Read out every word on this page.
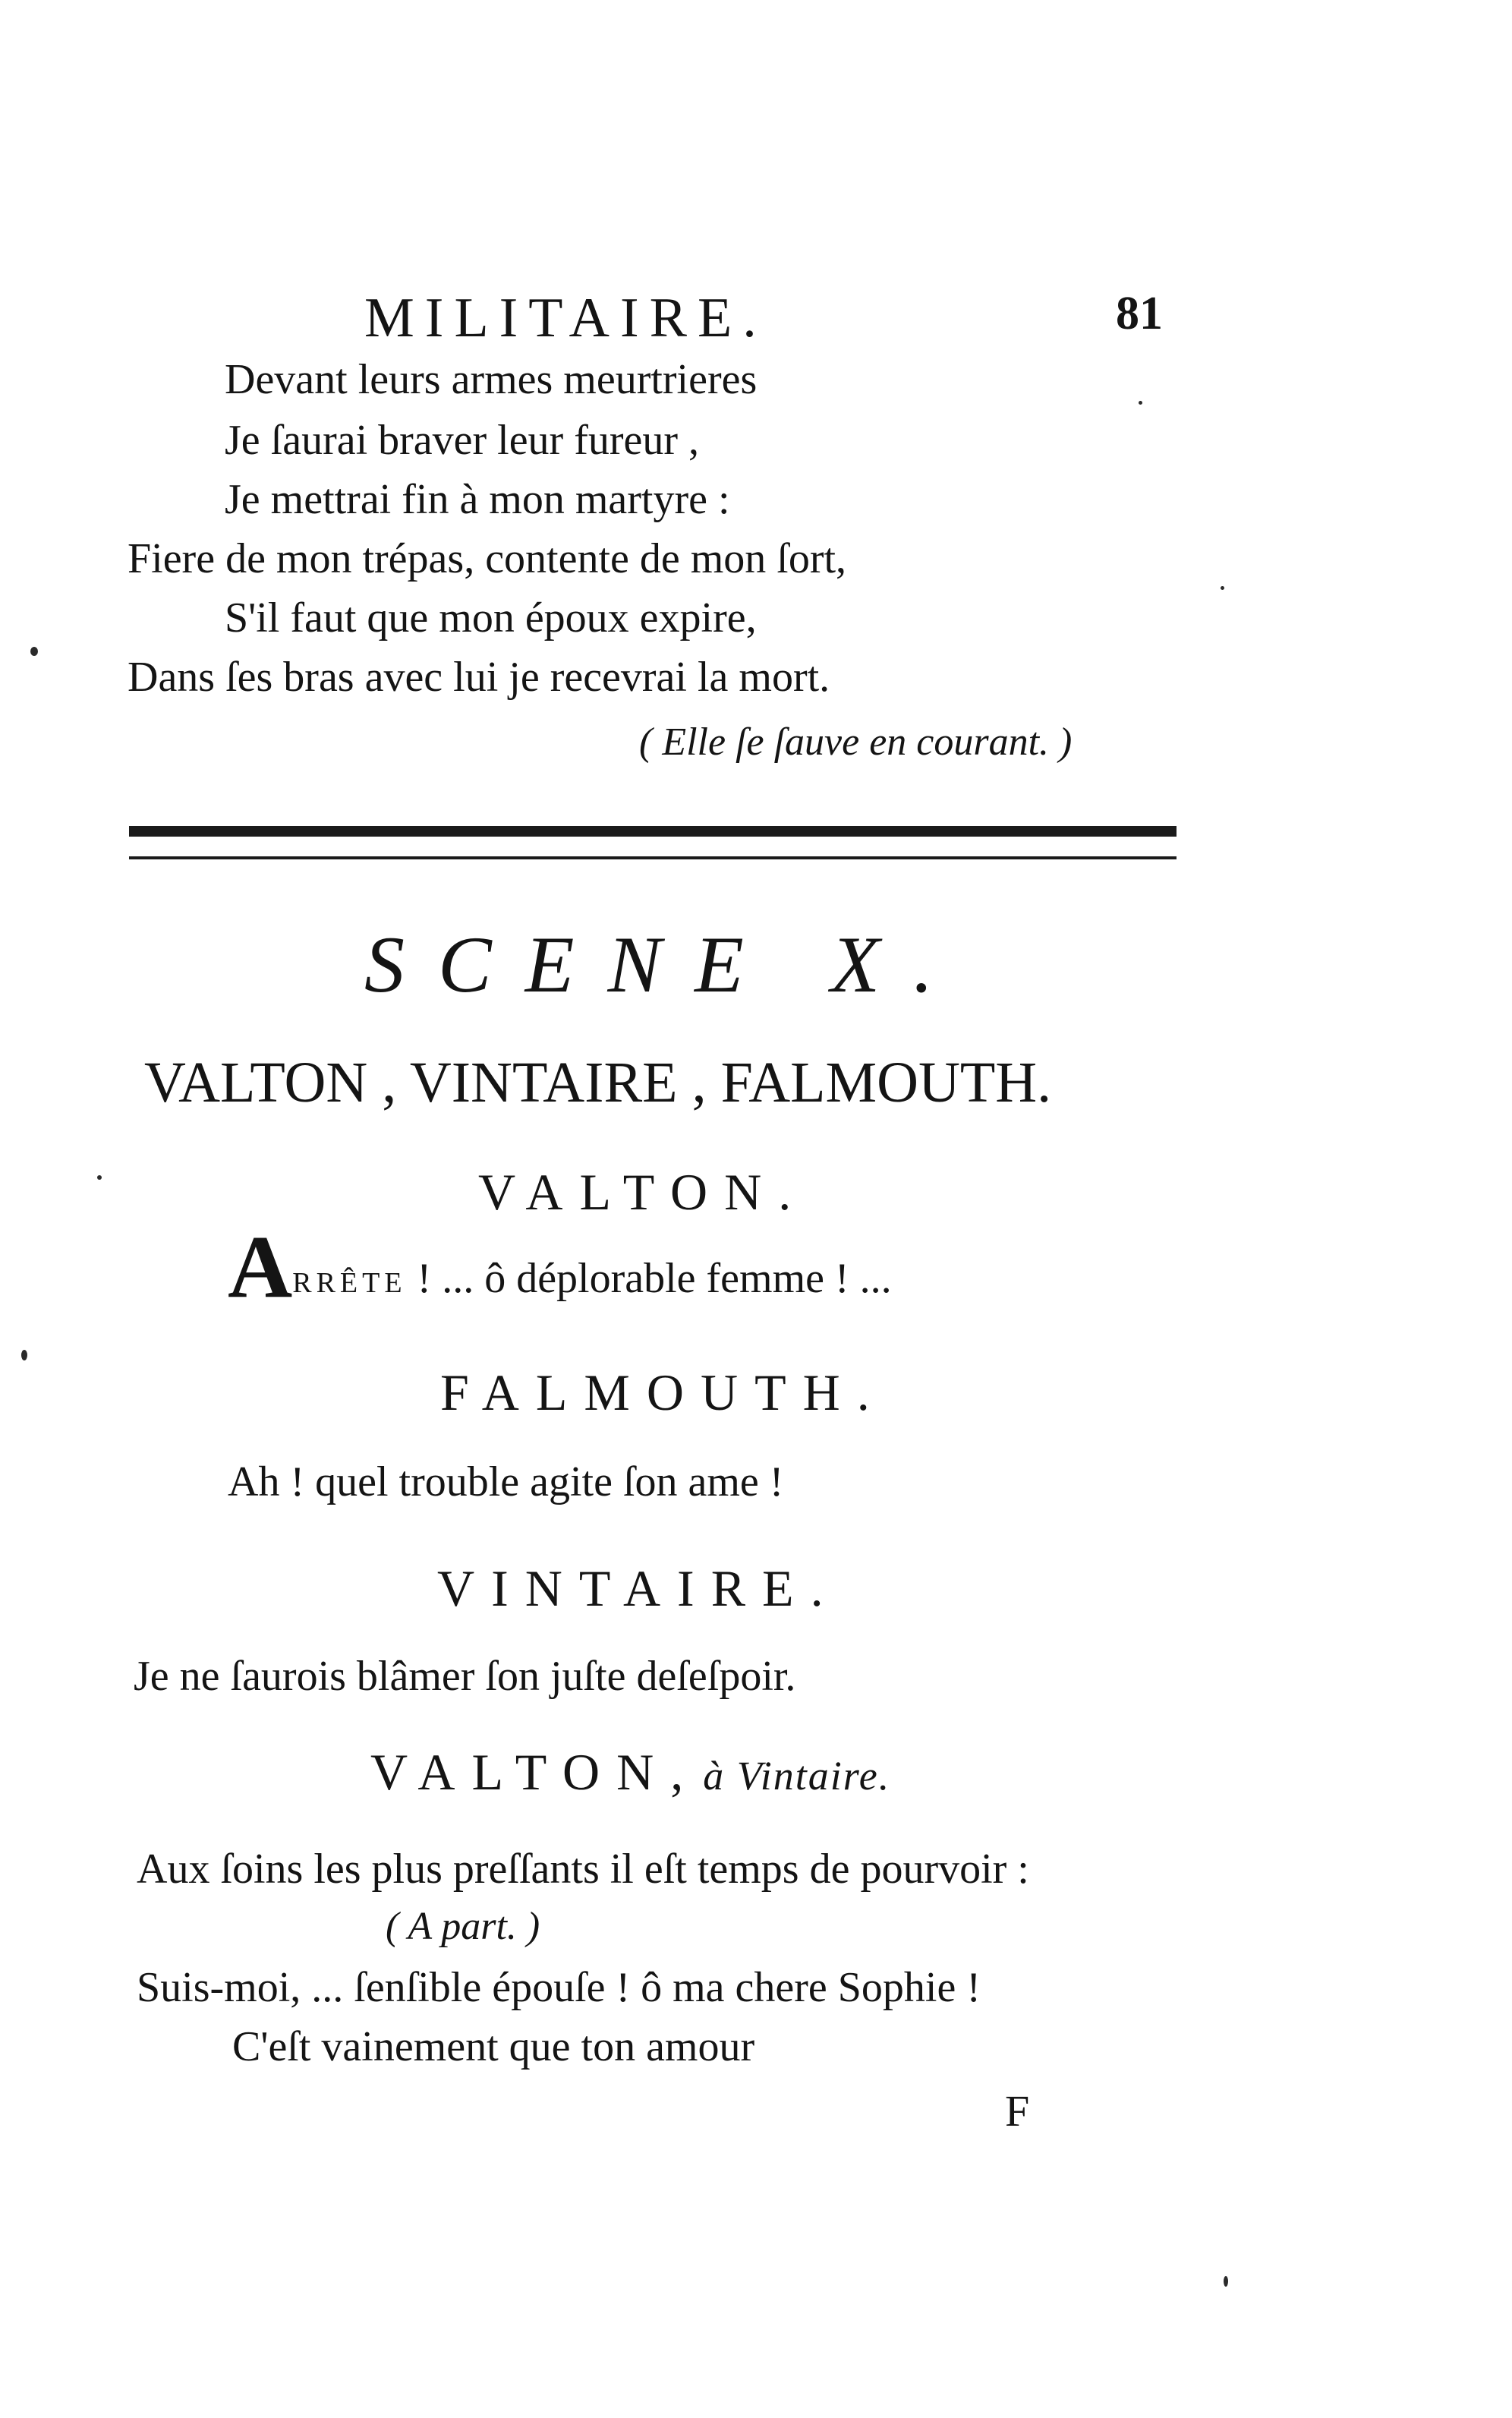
MILITAIRE.	81
Devant leurs armes meurtrieres
Je ſaurai braver leur fureur ,
Je mettrai fin à mon martyre :
Fiere de mon trépas, contente de mon ſort,
S'il faut que mon époux expire,
Dans ſes bras avec lui je recevrai la mort.
( Elle ſe ſauve en courant. )
SCENE X.
VALTON , VINTAIRE , FALMOUTH.
VALTON.
ARRÊTE ! ... ô déplorable femme ! ...
FALMOUTH.
Ah ! quel trouble agite ſon ame !
VINTAIRE.
Je ne ſaurois blâmer ſon juſte deſeſpoir.
VALTON, à Vintaire.
Aux ſoins les plus preſſants il eſt temps de pourvoir :
( A part. )
Suis-moi, ... ſenſible épouſe ! ô ma chere Sophie !
C'eſt vainement que ton amour
F
